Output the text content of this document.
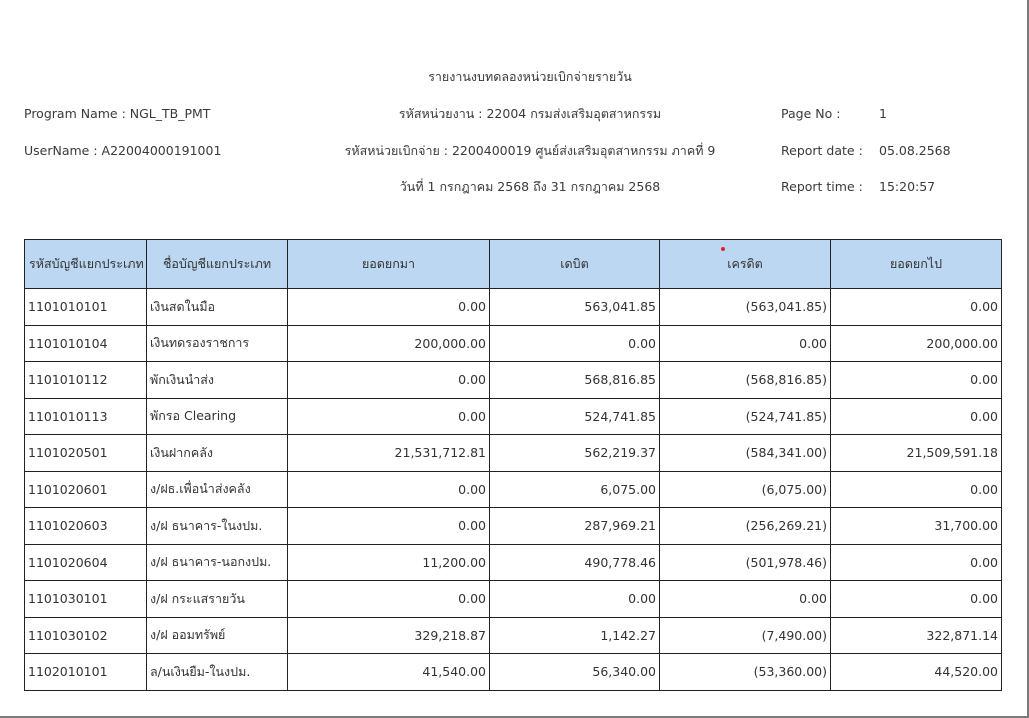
รายงานงบทดลองหน่วยเบิกจ่ายรายวัน
Program Name : NGL_TB_PMT	รหัสหน่วยงาน : 22004 กรมส่งเสริมอุตสาหกรรม	Page No :	1
UserName : A22004000191001	รหัสหน่วยเบิกจ่าย : 2200400019 ศูนย์ส่งเสริมอุตสาหกรรม ภาคที่ 9	Report date : 05.08.2568
วันที่ 1 กรกฎาคม 2568 ถึง 31 กรกฎาคม 2568	Report time : 15:20:57
รหัสบัญชีแยกประเภท	ชื่อบัญชีแยกประเภท	ยอดยกมา	เดบิต	เครดิต	ยอดยกไป
1101010101	เงินสดในมือ	0.00	563,041.85	(563,041.85)	0.00
1101010104	เงินทดรองราชการ	200,000.00	0.00	0.00	200,000.00
1101010112	พักเงินนำส่ง	0.00	568,816.85	(568,816.85)	0.00
1101010113	พักรอ Clearing	0.00	524,741.85	(524,741.85)	0.00
1101020501	เงินฝากคลัง	21,531,712.81	562,219.37	(584,341.00)	21,509,591.18
1101020601	ง/ฝธ.เพื่อนำส่งคลัง	0.00	6,075.00	(6,075.00)	0.00
1101020603	ง/ฝ ธนาคาร-ในงปม.	0.00	287,969.21	(256,269.21)	31,700.00
1101020604	ง/ฝ ธนาคาร-นอกงปม.	11,200.00	490,778.46	(501,978.46)	0.00
1101030101	ง/ฝ กระแสรายวัน	0.00	0.00	0.00	0.00
1101030102	ง/ฝ ออมทรัพย์	329,218.87	1,142.27	(7,490.00)	322,871.14
1102010101	ล/นเงินยืม-ในงปม.	41,540.00	56,340.00	(53,360.00)	44,520.00
